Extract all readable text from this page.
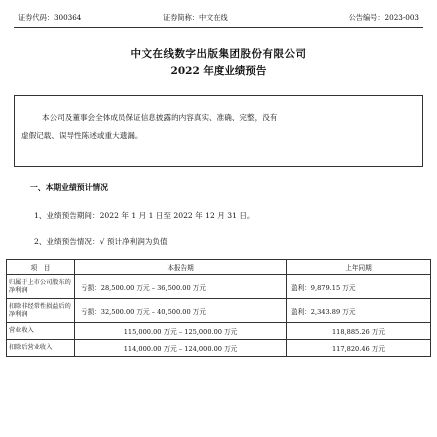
证券代码：300364	证券简称：中文在线	公告编号：2023-003
中文在线数字出版集团股份有限公司
2022 年度业绩预告
本公司及董事会全体成员保证信息披露的内容真实、准确、完整，没有
虚假记载、误导性陈述或重大遗漏。
一、本期业绩预计情况
1、业绩预告期间：2022 年 1 月 1 日至 2022 年 12 月 31 日。
2、业绩预告情况：√ 预计净利润为负值
项　目	本报告期	上年同期
归属于上市公司股东的净利润	亏损：28,500.00 万元 – 36,500.00 万元	盈利：9,879.15 万元
扣除非经常性损益后的净利润	亏损：32,500.00 万元 – 40,500.00 万元	盈利：2,343.89 万元
营业收入	115,000.00 万元 – 125,000.00 万元	118,885.26 万元
扣除后营业收入	114,000.00 万元 – 124,000.00 万元	117,820.46 万元
